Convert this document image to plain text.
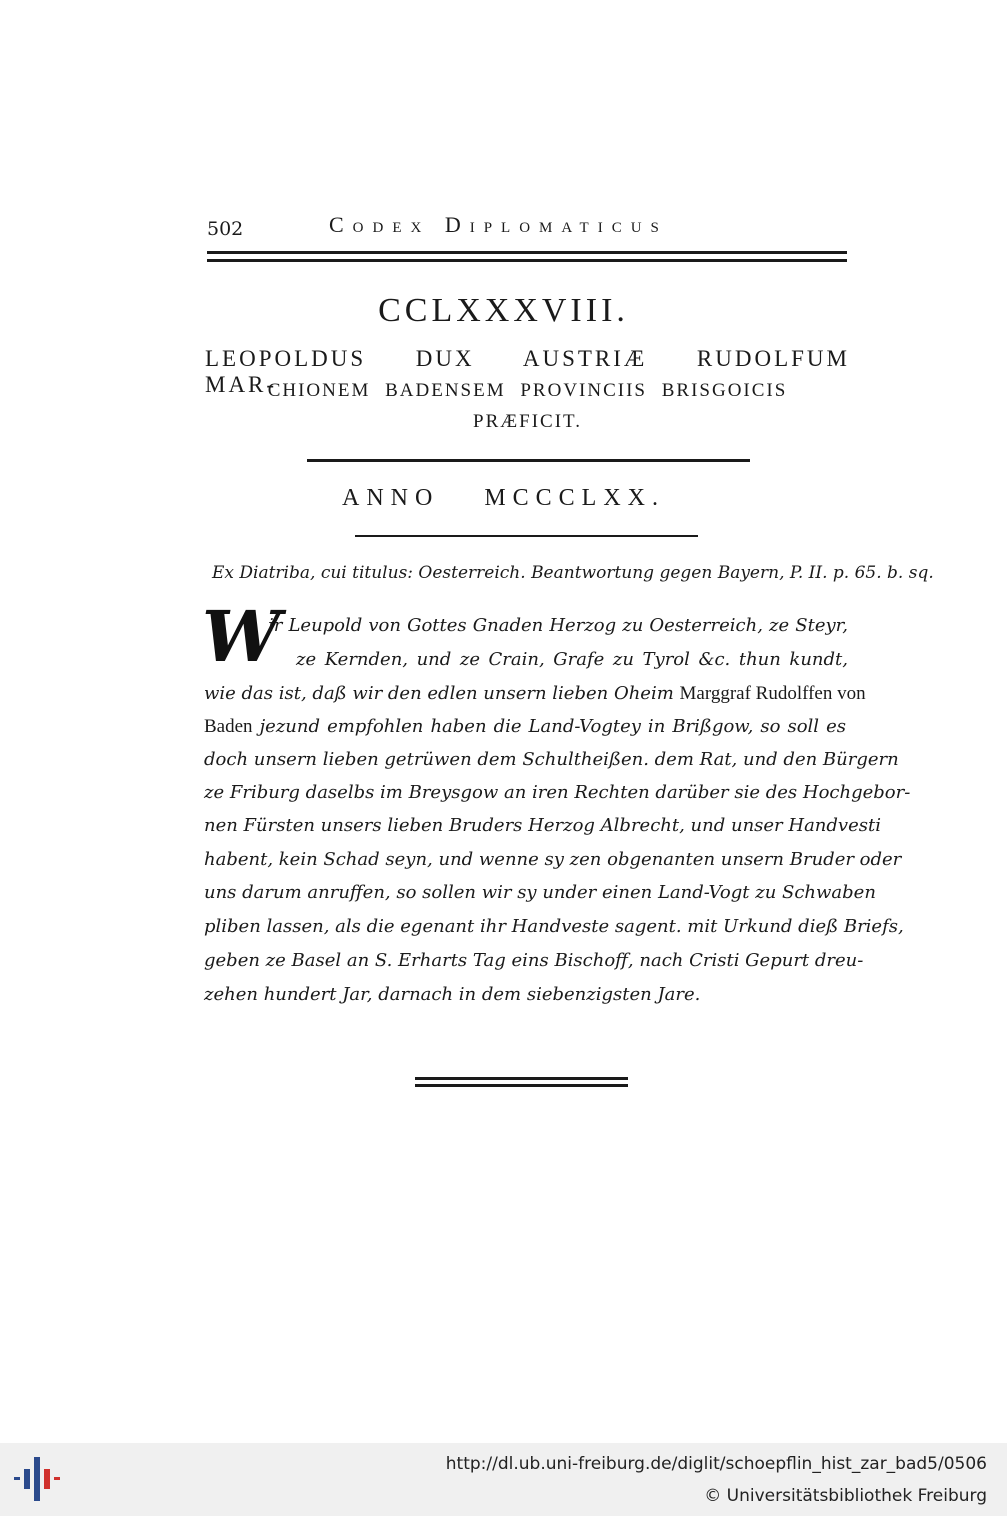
502	Codex Diplomaticus
CCLXXXVIII.
LEOPOLDUS DUX AUSTRIÆ RUDOLFUM MAR-
CHIONEM BADENSEM PROVINCIIS BRISGOICIS
PRÆFICIT.
ANNO MCCCLXX.
Ex Diatriba, cui titulus: Oesterreich. Beantwortung gegen Bayern, P. II. p. 65. b. sq.
W
ir Leupold von Gottes Gnaden Herzog zu Oesterreich, ze Steyr,
ze Kernden, und ze Crain, Grafe zu Tyrol &c. thun kundt,
wie das ist, daß wir den edlen unsern lieben Oheim Marggraf Rudolffen von
Baden jezund empfohlen haben die Land-Vogtey in Brißgow, so soll es
doch unsern lieben getrüwen dem Schultheißen. dem Rat, und den Bürgern
ze Friburg daselbs im Breysgow an iren Rechten darüber sie des Hochgebor-
nen Fürsten unsers lieben Bruders Herzog Albrecht, und unser Handvesti
habent, kein Schad seyn, und wenne sy zen obgenanten unsern Bruder oder
uns darum anruffen, so sollen wir sy under einen Land-Vogt zu Schwaben
pliben lassen, als die egenant ihr Handveste sagent. mit Urkund dieß Briefs,
geben ze Basel an S. Erharts Tag eins Bischoff, nach Cristi Gepurt dreu-
zehen hundert Jar, darnach in dem siebenzigsten Jare.
http://dl.ub.uni-freiburg.de/diglit/schoepflin_hist_zar_bad5/0506
© Universitätsbibliothek Freiburg
